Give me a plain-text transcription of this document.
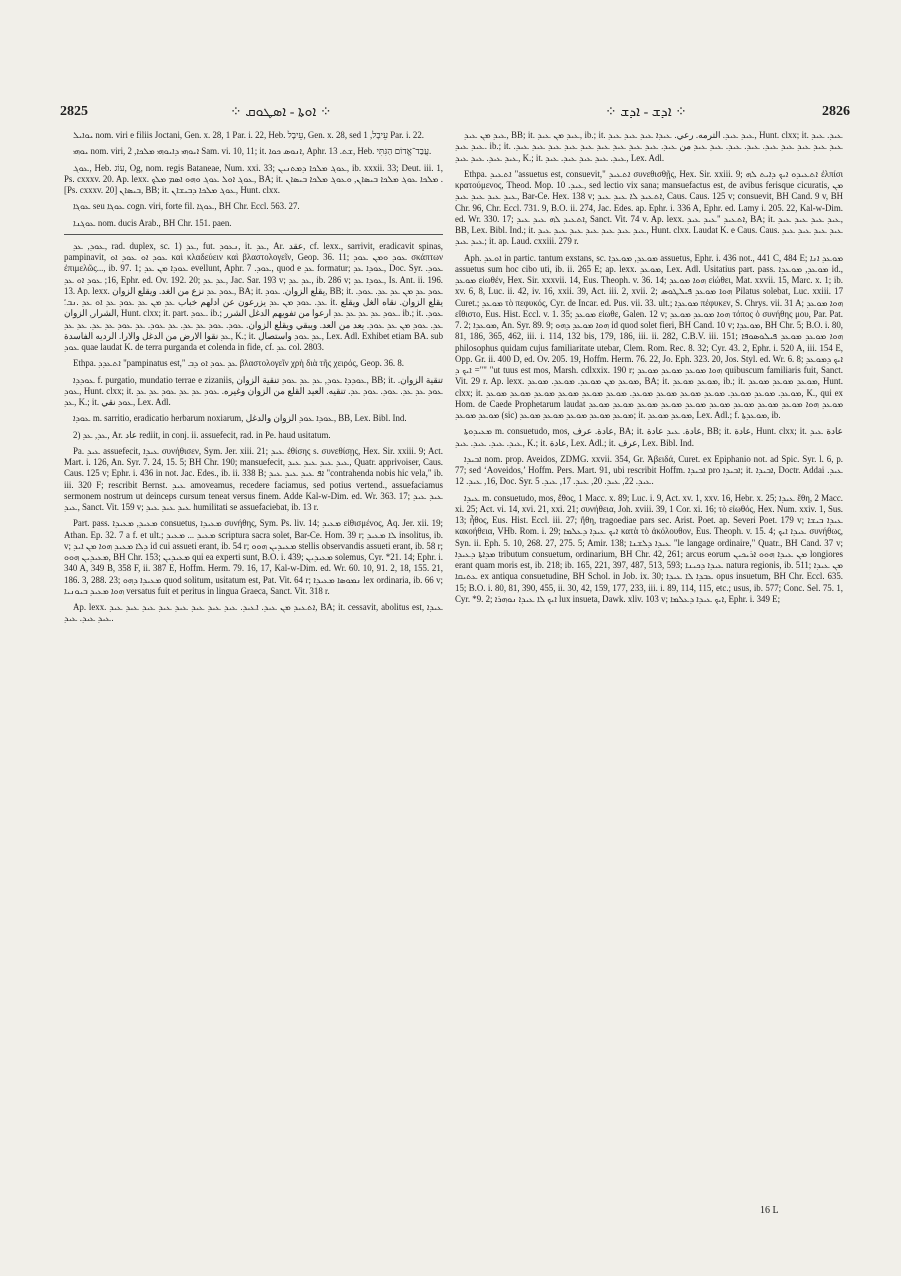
2825	⁘ ܐܘܬܐ - ܐܣܛܘܩ ⁘	⁘ ܐܕܫ - ܐܕܫ ⁘	2826

ܝܘܐܝܠ nom. viri e filiis Joctani, Gen. x. 28, 1 Par. i. 22, Heb. עֵיבָל, Gen. x. 28, sed עֵיבָל, 1 Par. i. 22.

ܝܘܗܝ nom. viri, ܐܝܘܗܝ ܕܐܝܘܗܝ ܡܠܟܐ, 2 Sam. vi. 10, 11; it. ܐܢܘܣ ܟܘܐ, Aphr. ܫܬ. 13, Heb. עֲבַד־אֱדוֹם הַגִּתִּי.

ܥܘܓ, Heb. עוֹג, Og, nom. regis Bataneae, Num. xxi. 33; ܥܘܓ ܡܠܟܐ ܕܡܬܢܝܢ, ib. xxxii. 33; Deut. iii. 1, Ps. cxxxv. 20. Ap. lexx. ܥܘܓ ܐܘܠ ܥܘܓ ܘܗܘ ܐܣܡ ܡܠܟ, BA; it. ܡܠܟܐ ܥܘܓ ܡܠܟܐ ܒܝܣܐܢ, ܘܥܘܓ ܡܠܟܐ ܒܝܣܐܢ .[Ps. cxxxv. 20] ܒܝܣܐܢ, BB; it. ܥܘܓ ܡܠܟܐ ܕܒܝܫܐܢ, Hunt. clxx.

ܥܘܓܐ seu ܥܘܓܐ cogn. viri, forte fil. ܥܘܓܐ, BH Chr. Eccl. 563. 27.

ܥܘܓܢܐ nom. ducis Arab., BH Chr. 151. paen.

ܥܘܕ, ܥܕ, rad. duplex, sc. 1) ܥܕ, fut. ܢܥܘܕ, it. ܥܕ, Ar. عقد, cf. lexx., sarrivit, eradicavit spinas, pampinavit, ܥܘܕ ܐܘ ܥܘܕ ܐܘ καὶ κλαδεύειν καὶ βλαστολογεῖν, Geop. 36. 11; ܥܘܕ ܘܡܢ ܥܘܕ σκάπτων ἐπιμελῶς..., ib. 97. 1; ܥܘܕܐ ܡܢ ܥܕ evellunt, Aphr. ܥܘܕ. 7, quod e ܥܕ formatur; ܥܘܕܐ ܥܕ, Doc. Syr. ܥܘܕ. 16; ܥܘܕ ܐܘ ܥܕ, Ephr. ed. Ov. 192. 20; ܥܕ ܥܕ, Jac. Sar. 193 v; ܥܕ ܥܕ, ib. 286 v; ܥܘܕܐ ܥܕ, Is. Ant. ii. 196. 13. Ap. lexx. ܥܘܕ ܥܕ نزع من الغد. ويقلع الزوان, BA; it. يقلع الزوان. ܥܘܕ, BB; it. ܥܘܕ ܥܕ ܡܢ ܥܕ ܥܕ. ܥܘܕ. ܥܕ. ܥܘܕ ܡܢ ܥܕ يزرعون عن ادلهم خباب ܥܕ ܡܢ ܥܕ ܥܘܕ ܥܕ ܐܘ ܥܕ .ܢܒ؛ it. يقلع الزوان. نقاه الغل ويقلع الشرار, الزوان, Hunt. clxx; it. part. ܥܘܕ. ib.; ܥܘܕ ܥܕ ܥܕ ܥܕ ܥܕ ارعوا من تفويهم الدغل الشرر. ib.; it. ܥܘܕ. ܥܕ. ܥܘܕ ܡܢ ܥܕ ܥܘܕ. يعد من العد. ويبقي ويقلع الزوان. ܥܘܕ. ܥܘܕ ܥܕ ܥܕ. ܥܕ ܥܘܕ. ܥܕ ܥܘܕ ܥܕ ܥܕ. ܥܕ ܥܕ ܥܕ نقوا الارض من الدغل والارا. الرديه الفاسدة, K.; it. ܥܕ ܥܘܕ واستصال, Lex. Adl. Exhibet etiam BA. sub ܥܘܕ quae laudat K. de terra purganda et colenda in fide, cf. ܥܕ col. 2803.

Ethpa. ܐܬܥܕܕ "pampinatus est," ܥܕ ܥܘܕ ܐܘ ܕܒ βλαστολογεῖν χρὴ διὰ τῆς χειρός, Geop. 36. 8.

ܥܘܕܕܐ f. purgatio, mundatio terrae e zizaniis, ܥܘܕܕܐ ܥܘܕ, ܥܕ ܥܕ ܥܘܕ تنقية الزوان, BB; it. تنقية الزوان. ܥܘܕ, Hunt. clxx; it. ܥܘܕ ܥܕ ܥܕ. ܥܘܕ. ܥܘܕ ܥܕ. تنقيه. العيد القلع من الزوان وغيره. ܥܘܕ ܥܕ ܥܕ ܥܘܕ ܥܕ ܥܕ ܥܕ, K.; it. ܥܘܕ نقي, Lex. Adl.

ܥܘܕܐ m. sarritio, eradicatio herbarum noxiarum, ܥܘܕܐ ܥܘܕ الزوان والدغل, BB, Lex. Bibl. Ind.

2) ܥܕ, ܥܕ, Ar. عاد rediit, in conj. ii. assuefecit, rad. in Pe. haud usitatum.

Pa. ܥܝܕ assuefecit, ܥܝܕܐ συνήθισεν, Sym. Jer. xiii. 21; ܥܝܕ ἐθίσης s. συνεθίσῃς, Hex. Sir. xxiii. 9; Act. Mart. i. 126, An. Syr. 7. 24, 15. 5; BH Chr. 190; mansuefecit, ܥܝܕ ܥܝܕ ܥܝܕ ܥܝܕ, Quatr. apprivoiser, Caus. Caus. 125 v; Ephr. i. 436 in not. Jac. Edes., ib. ii. 338 B; ܐܦ ܥܝܕ ܥܝܕ ܥܝܕ "contrahenda nobis hic vela," ib. iii. 320 F; rescribit Bernst. ܥܝܕ amoveamus, recedere faciamus, sed potius vertend., assuefaciamus sermonem nostrum ut deinceps cursum teneat versus finem. Adde Kal-w-Dim. ed. Wr. 363. 17; ܥܝܕ ܥܝܕ ܥܝܕ, Sanct. Vit. 159 v; ܥܝܕ ܥܝܕ ܥܝܕ humilitati se assuefaciebat, ib. 13 r.

Part. pass. ܡܥܝܕ, ܡܥܝܕܐ consuetus, ܡܥܝܕܐ συνήθης, Sym. Ps. liv. 14; ܡܥܝܕ εἰθισμένος, Aq. Jer. xii. 19; Athan. Ep. 32. 7 a f. et ult.; ܡܥܝܕ ... ܡܥܝܕ scriptura sacra solet, Bar-Ce. Hom. 39 r; ܠܐ ܡܥܝܕ insolitus, ib. v; ܕܠܐ ܡܥܝܕ ܗܘܐ ܡܢ ܐܝܕ id cui assueti erant, ib. 54 r; ܡܥܝܕܝܢ ܗܘܘ stellis observandis assueti erant, ib. 58 r; ܡܥܝܕܝܢ ܗܘܘ, BH Chr. 153; ܡܥܝܕܝܢ qui ea experti sunt, B.O. i. 439; ܡܥܝܕܝܢ solemus, Cyr. *21. 14; Ephr. i. 340 A, 349 B, 358 F, ii. 387 E, Hoffm. Herm. 79. 16, 17, Kal-w-Dim. ed. Wr. 60. 10, 91. 2, 18, 155. 21, 186. 3, 288. 23; ܡܥܝܕܐ ܕܗܘ quod solitum, usitatum est, Pat. Vit. 64 r; ܢܡܘܣܐ ܡܥܝܕܐ lex ordinaria, ib. 66 v; ܗܘܐ ܡܥܝܕ ܒܝܘܢܝܐ versatus fuit et peritus in lingua Graeca, Sanct. Vit. 318 r.

Ap. lexx. ܐܬܥܝܕ ܡܢ ܥܝܕ. ܐܥܝܕ. ܥܝܕ ܥܝܕ ܥܝܕ ܥܝܕ ܥܝܕ ܥܝܕ ܥܝܕ ܥܝܕ, BA; it. cessavit, abolitus est, ܥܝܕܐ ܥܝܕ ܥܝܕ. ܥܝܕ.

ܥܝܕ ܡܢ ܥܝܕ, BB; it. ܥܝܕ ܡܢ ܥܝܕ, ib.; it. ܥܝܕ ܥܝܕ. الترمه. رعي. ܥܝܕܐ ܥܝܕ ܥܝܕ ܥܝܕ, Hunt. clxx; it. ܥܝܕ. ܥܝܕ ܥܝܕ ܥܝܕ. ib.; it. ܥܝܕ ܥܝܕ ܥܝܕ ܥܝܕ ܥܝܕ. ܥܝܕ. ܥܝܕ. ܥܝܕ ܥܝܕ من ܥܝܕ. ܥܝܕ ܥܝܕ ܥܝܕ ܥܝܕ ܥܝܕ ܥܝܕ ܥܝܕ ܥܝܕ ܥܝܕ. ܥܝܕ ܥܝܕ. ܥܝܕ ܥܝܕ, K.; it. ܥܝܕ. ܥܝܕ ܥܝܕ ܥܝܕ. ܥܝܕ, Lex. Adl.

Ethpa. ܐܬܥܝܕ "assuetus est, consuevit," ܐܬܥܝܕ συνεθισθῇς, Hex. Sir. xxiii. 9; ܐܬܥܝܕܘ ܐܝܟ ܕܐܝܬ ܠܗ ἐλπίσι κρατούμενος, Theod. Mop. ܥܝܕ. 10, sed lectio vix sana; mansuefactus est, de avibus ferisque cicuratis, ܡܢ ܥܝܕ ܥܝܕ ܥܝܕ ܥܝܕ, Bar-Ce. Hex. 138 v; ܐܬܥܝܕ ܠܐ ܥܝܕ ܥܝܕ, Caus. Caus. 125 v; consuevit, BH Cand. 9 v, BH Chr. 96, Chr. Eccl. 731. 9, B.O. ii. 274, Jac. Edes. ap. Ephr. i. 336 A, Ephr. ed. Lamy i. 205. 22, Kal-w-Dim. ed. Wr. 330. 17; ܐܬܥܝܕ ܠܗ ܥܝܕ ܥܝܕ, Sanct. Vit. 74 v. Ap. lexx. ܐܬܥܝܕ "ܥܝܕ ܥܝܕ, BA; it. ܥܝܕ ܥܝܕ ܥܝܕ ܥܝܕ, BB, Lex. Bibl. Ind.; it. ܥܝܕ ܥܝܕ ܥܝܕ ܥܝܕ ܥܝܕ ܥܝܕ ܥܝܕ, Hunt. clxx. Laudat K. e Caus. Caus. ܥܝܕ ܥܝܕ ܥܝܕ ܥܝܕ ܥܝܕ ܥܝܕ; it. ap. Laud. cxxiii. 279 r.

Aph. ܐܘܥܕ in partic. tantum exstans, sc. ܡܘܥܕ, ܡܘܥܕܐ assuetus, Ephr. i. 436 not., 441 C, 484 E; ܡܘܥܕ ܐܢܐ assuetus sum hoc cibo uti, ib. ii. 265 E; ap. lexx. ܡܘܥܕ, Lex. Adl. Usitatius part. pass. ܡܘܥܕ, ܡܘܥܕܐ id., ܡܘܥܕ εἰωθέν, Hex. Sir. xxxvii. 14, Eus. Theoph. v. 36. 14; ܗܘܐ ܡܘܥܕ εἰώθει, Mat. xxvii. 15, Marc. x. 1; ib. xv. 6, 8, Luc. ii. 42, iv. 16, xxii. 39, Act. iii. 2, xvii. 2; ܗܘܐ ܡܘܥܕ ܦܝܠܛܘܣ Pilatus solebat, Luc. xxiii. 17 Curet.; ܡܘܥܕ τὸ πεφυκός, Cyr. de Incar. ed. Pus. vii. 33. ult.; ܡܘܥܕܐ πέφυκεν, S. Chrys. vii. 31 A; ܗܘܐ ܡܘܥܕ εἴθιστο, Eus. Hist. Eccl. v. 1. 35; ܡܘܥܕ εἰωθε, Galen. 12 v; ܗܘܐ ܡܘܥܕ ܡܘܥܕ τόπος ὁ συνήθης μου, Par. Pat. 7. 2; ܡܘܥܕܐ, An. Syr. 89. 9; ܗܘܐ ܡܘܥܕ ܕܗܘ id quod solet fieri, BH Cand. 10 v; ܡܘܥܕܐ, BH Chr. 5; B.O. i. 80, 81, 186, 365, 462, iii. i. 114, 132 bis, 179, 186, iii. ii. 282, C.B.V. iii. 151; ܗܘܐ ܡܘܥܕ ܡܘܥܕ ܦܝܠܘܣܘܦܐ philosophus quidam cujus familiaritate utebar, Clem. Rom. Rec. 8. 32; Cyr. 43. 2, Ephr. i. 520 A, iii. 154 E, Opp. Gr. ii. 400 D, ed. Ov. 205. 19, Hoffm. Herm. 76. 22, Jo. Eph. 323. 20, Jos. Styl. ed. Wr. 6. 8; ܐܝܟ ܕܡܘܥܕ "= ܐܝܟ ܕ" "ut tuus est mos, Marsh. cdlxxix. 190 r; ܗܘܐ ܡܘܥܕ ܡܘܥܕ ܡܘܥܕ quibuscum familiaris fuit, Sanct. Vit. 29 r. Ap. lexx. ܡܘܥܕ ܡܢ ܡܘܥܕ. ܡܘܥܕ. ܡܘܥܕ, BA; it. ܡܘܥܕ ܡܘܥܕ, ib.; it. ܡܘܥܕ ܡܘܥܕ ܡܘܥܕ, Hunt. clxx; it. ܡܘܥܕ. ܡܘܥܕ ܡܘܥܕ. ܡܘܥܕ ܡܘܥܕ ܡܘܥܕ ܡܘܥܕ. ܡܘܥܕ ܡܘܥܕ ܡܘܥܕ ܡܘܥܕ ܡܘܥܕ ܡܘܥܕ, K., qui ex Hom. de Caede Prophetarum laudat ܡܘܥܕ ܗܘܐ ܡܘܥܕ ܡܘܥܕ ܡܘܥܕ ܡܘܥܕ ܡܘܥܕ ܡܘܥܕ ܡܘܥܕ ܡܘܥܕ ܡܘܥܕ ܡܘܥܕ ܡܘܥܕ (sic) ܡܘܥܕ ܡܘܥܕ ܡܘܥܕ ܡܘܥܕ ܡܘܥܕ; it. ܡܘܥܕ ܡܘܥܕ, Lex. Adl.; f. ܡܘܥܕܬܐ, ib.

ܡܥܝܕܘܬܐ m. consuetudo, mos, عادة. عرف, BA; it. عادة. ܥܝܕ عادة, BB; it. عادة, Hunt. clxx; it. عادة ܥܝܕ ܥܝܕ. ܥܝܕ. ܥܝܕ. ܥܝܕ, K.; it. عادة, Lex. Adl.; it. عرف, Lex. Bibl. Ind.

ܐܒܝܕܐ nom. prop. Aveidos, ZDMG. xxvii. 354, Gr. Ἀβειδά, Curet. ex Epiphanio not. ad Spic. Syr. l. 6, p. 77; sed ‘Aoveidos,’ Hoffm. Pers. Mart. 91, ubi rescribit Hoffm. ܐܒܝܕܐ pro ܐܒܝܕܐ; it. ܐܒܝܕܐ, Doctr. Addai ܥܝܕ. 16, ܥܝܕ. 12, Doc. Syr. ܥܝܕ. 22, ܥܝܕ. 20, ܥܝܕ. 17, ܥܝܕ. 5.

ܥܝܕܐ m. consuetudo, mos, ἔθος, 1 Macc. x. 89; Luc. i. 9, Act. xv. 1, xxv. 16, Hebr. x. 25; ܥܝܕܐ ἔθη, 2 Macc. xi. 25; Act. vi. 14, xvi. 21, xxi. 21; συνήθεια, Joh. xviii. 39, 1 Cor. xi. 16; τὸ εἰωθός, Hex. Num. xxiv. 1, Sus. 13; ἦθος, Eus. Hist. Eccl. iii. 27; ἤθη, tragoediae pars sec. Arist. Poet. ap. Severi Poet. 179 v; ܥܝܕܐ ܒܝܫܐ κακοήθεια, VHb. Rom. i. 29; ܐܝܟ ܥܝܕܐ ܕܥܠܡܐ κατὰ τὸ ἀκόλουθον, Eus. Theoph. v. 15. 4; ܥܝܕܐ ܐܝܟ συνήθως, Syn. ii. Eph. 5. 10, 268. 27, 275. 5; Amir. 138; ܥܝܕܐ ܕܠܫܢܐ "le langage ordinaire," Quatr., BH Cand. 37 v; ܡܕܐܬܐ ܕܥܝܕܐ tributum consuetum, ordinarium, BH Chr. 42, 261; arcus eorum ܡܢ ܥܝܕܐ ܗܘܘ ܐܪܝܟܝܢ longiores erant quam moris est, ib. 218; ib. 165, 221, 397, 487, 513, 593; ܥܝܕܐ ܕܟܝܢܐ natura regionis, ib. 511; ܡܢ ܥܝܕܐ ܥܬܝܩܐ ex antiqua consuetudine, BH Schol. in Job. ix. 30; ܥܒܕܐ ܠܐ ܥܝܕܐ opus insuetum, BH Chr. Eccl. 635. 15; B.O. i. 80, 81, 390, 455, ii. 30, 42, 159, 177, 233, iii. i. 89, 114, 115, etc.; usus, ib. 577; Conc. Sel. 75. 1, Cyr. *9. 2; ܐܝܟ ܠܐ ܥܝܕܐ ܢܘܗܪܐ lux insueta, Dawk. xliv. 103 v; ܐܝܟ ܥܝܕܐ ܕܥܠܡܐ, Ephr. i. 349 E;

16 L
